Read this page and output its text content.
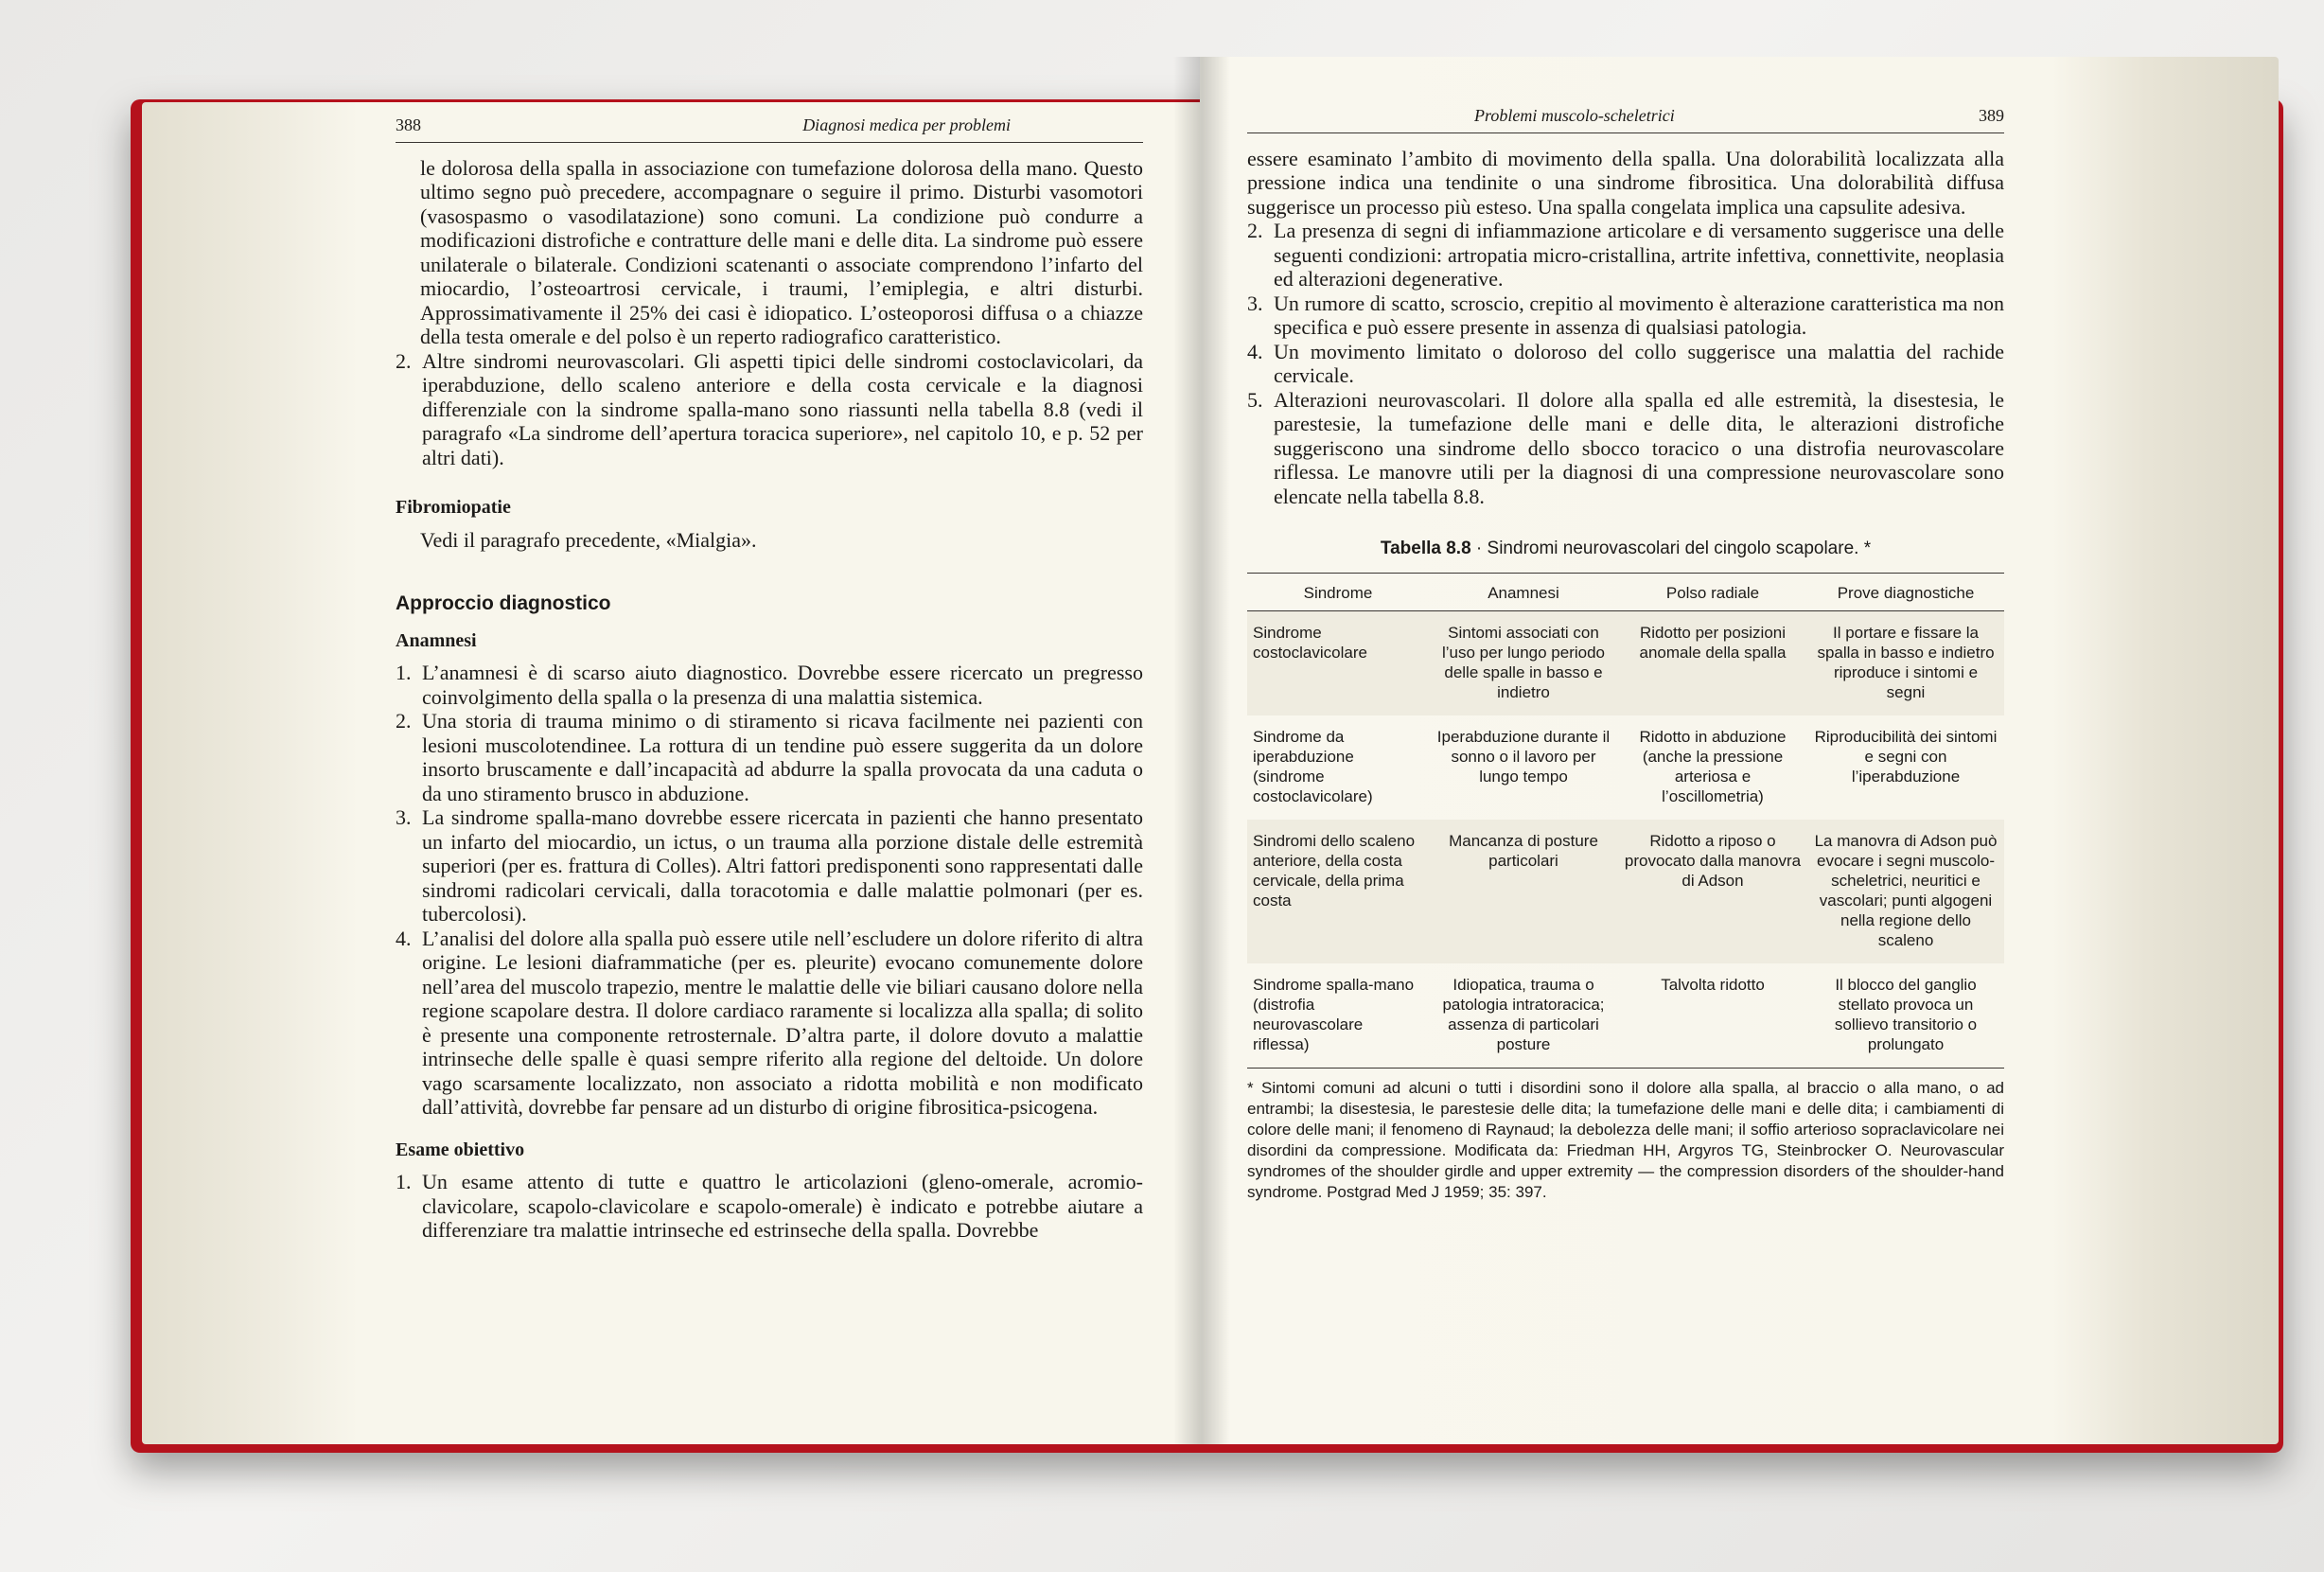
388	Diagnosi medica per problemi

le dolorosa della spalla in associazione con tumefazione dolorosa della mano. Questo ultimo segno può precedere, accompagnare o seguire il primo. Disturbi vasomotori (vasospasmo o vasodilatazione) sono comuni. La condizione può condurre a modificazioni distrofiche e contratture delle mani e delle dita. La sindrome può essere unilaterale o bilaterale. Condizioni scatenanti o associate comprendono l’infarto del miocardio, l’osteoartrosi cervicale, i traumi, l’emiplegia, e altri disturbi. Approssimativamente il 25% dei casi è idiopatico. L’osteoporosi diffusa o a chiazze della testa omerale e del polso è un reperto radiografico caratteristico.

2. Altre sindromi neurovascolari. Gli aspetti tipici delle sindromi costoclavicolari, da iperabduzione, dello scaleno anteriore e della costa cervicale e la diagnosi differenziale con la sindrome spalla-mano sono riassunti nella tabella 8.8 (vedi il paragrafo «La sindrome dell’apertura toracica superiore», nel capitolo 10, e p. 52 per altri dati).
Fibromiopatie

Vedi il paragrafo precedente, «Mialgia».

Approccio diagnostico
Anamnesi
1. L’anamnesi è di scarso aiuto diagnostico. Dovrebbe essere ricercato un pregresso coinvolgimento della spalla o la presenza di una malattia sistemica.
2. Una storia di trauma minimo o di stiramento si ricava facilmente nei pazienti con lesioni muscolotendinee. La rottura di un tendine può essere suggerita da un dolore insorto bruscamente e dall’incapacità ad abdurre la spalla provocata da una caduta o da uno stiramento brusco in abduzione.
3. La sindrome spalla-mano dovrebbe essere ricercata in pazienti che hanno presentato un infarto del miocardio, un ictus, o un trauma alla porzione distale delle estremità superiori (per es. frattura di Colles). Altri fattori predisponenti sono rappresentati dalle sindromi radicolari cervicali, dalla toracotomia e dalle malattie polmonari (per es. tubercolosi).
4. L’analisi del dolore alla spalla può essere utile nell’escludere un dolore riferito di altra origine. Le lesioni diaframmatiche (per es. pleurite) evocano comunemente dolore nell’area del muscolo trapezio, mentre le malattie delle vie biliari causano dolore nella regione scapolare destra. Il dolore cardiaco raramente si localizza alla spalla; di solito è presente una componente retrosternale. D’altra parte, il dolore dovuto a malattie intrinseche delle spalle è quasi sempre riferito alla regione del deltoide. Un dolore vago scarsamente localizzato, non associato a ridotta mobilità e non modificato dall’attività, dovrebbe far pensare ad un disturbo di origine fibrositica-psicogena.
Esame obiettivo
1. Un esame attento di tutte e quattro le articolazioni (gleno-omerale, acromio-clavicolare, scapolo-clavicolare e scapolo-omerale) è indicato e potrebbe aiutare a differenziare tra malattie intrinseche ed estrinseche della spalla. Dovrebbe
Problemi muscolo-scheletrici	389

essere esaminato l’ambito di movimento della spalla. Una dolorabilità localizzata alla pressione indica una tendinite o una sindrome fibrositica. Una dolorabilità diffusa suggerisce un processo più esteso. Una spalla congelata implica una capsulite adesiva.

2. La presenza di segni di infiammazione articolare e di versamento suggerisce una delle seguenti condizioni: artropatia micro-cristallina, artrite infettiva, connettivite, neoplasia ed alterazioni degenerative.
3. Un rumore di scatto, scroscio, crepitio al movimento è alterazione caratteristica ma non specifica e può essere presente in assenza di qualsiasi patologia.
4. Un movimento limitato o doloroso del collo suggerisce una malattia del rachide cervicale.
5. Alterazioni neurovascolari. Il dolore alla spalla ed alle estremità, la disestesia, le parestesie, la tumefazione delle mani e delle dita, le alterazioni distrofiche suggeriscono una sindrome dello sbocco toracico o una distrofia neurovascolare riflessa. Le manovre utili per la diagnosi di una compressione neurovascolare sono elencate nella tabella 8.8.
Tabella 8.8 · Sindromi neurovascolari del cingolo scapolare. *
Sindrome	Anamnesi	Polso radiale	Prove diagnostiche
Sindrome costoclavicolare	Sintomi associati con l’uso per lungo periodo delle spalle in basso e indietro	Ridotto per posizioni anomale della spalla	Il portare e fissare la spalla in basso e indietro riproduce i sintomi e segni
Sindrome da iperabduzione (sindrome costoclavicolare)	Iperabduzione durante il sonno o il lavoro per lungo tempo	Ridotto in abduzione (anche la pressione arteriosa e l’oscillometria)	Riproducibilità dei sintomi e segni con l’iperabduzione
Sindromi dello scaleno anteriore, della costa cervicale, della prima costa	Mancanza di posture particolari	Ridotto a riposo o provocato dalla manovra di Adson	La manovra di Adson può evocare i segni muscolo-scheletrici, neuritici e vascolari; punti algogeni nella regione dello scaleno
Sindrome spalla-mano (distrofia neurovascolare riflessa)	Idiopatica, trauma o patologia intratoracica; assenza di particolari posture	Talvolta ridotto	Il blocco del ganglio stellato provoca un sollievo transitorio o prolungato

* Sintomi comuni ad alcuni o tutti i disordini sono il dolore alla spalla, al braccio o alla mano, o ad entrambi; la disestesia, le parestesie delle dita; la tumefazione delle mani e delle dita; i cambiamenti di colore delle mani; il fenomeno di Raynaud; la debolezza delle mani; il soffio arterioso sopraclavicolare nei disordini da compressione. Modificata da: Friedman HH, Argyros TG, Steinbrocker O. Neurovascular syndromes of the shoulder girdle and upper extremity — the compression disorders of the shoulder-hand syndrome. Postgrad Med J 1959; 35: 397.
